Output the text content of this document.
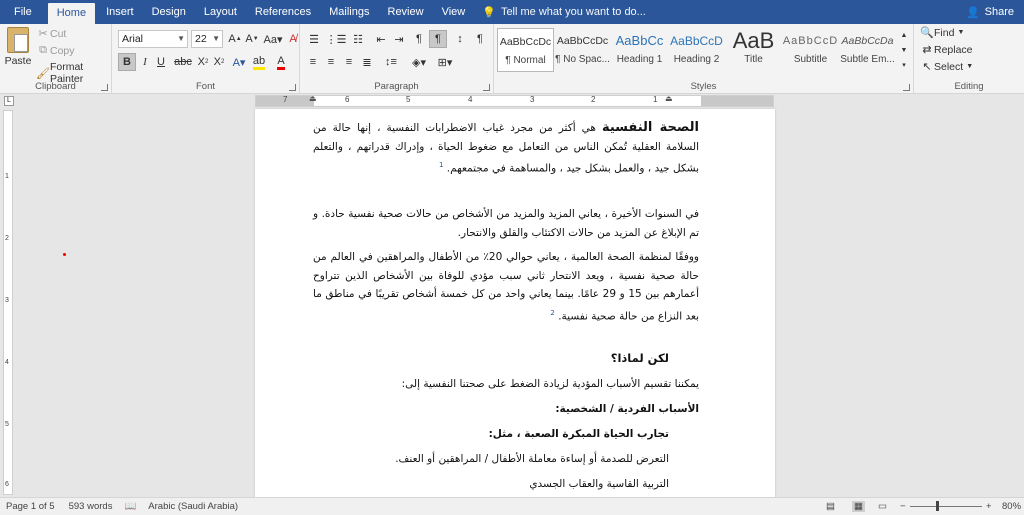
File	Home	Insert	Design	Layout	References	Mailings	Review	View	💡 Tell me what you want to do...	👤 Share
Paste
✂ Cut
⧉ Copy
🖌
Format Painter
Clipboard
Arial	▼ 22 ▼ A ▲ A ▼ Aa▾ A̸
B	I U abc X 2 X 2 A▾ ab A
Font
☰ ⋮☰ ☷	⇤ ⇥	¶	¶	↕	¶
≡	≡	≡ ≣	↕≡	◈▾	⊞▾
Paragraph
AaBbCcDc
¶ Normal
AaBbCcDc
¶ No Spac...
AaBbCc
Heading 1
AaBbCcD
Heading 2
AaB
Title
AaBbCcD
Subtitle
AaBbCcDa
Subtle Em...
▲
▼
▾
Styles
🔍 Find ▼
⇄ Replace
↖ Select ▼
Editing
7	6	5	4	3	2	1 ⏏
⏏
L
1
2
3
4
5
6
الصحة النفسية هي أكثر من مجرد غياب الاضطرابات النفسية ، إنها حالة من السلامة العقلية تُمكن الناس من التعامل مع ضغوط الحياة ، وإدراك قدراتهم ، والتعلم بشكل جيد ، والعمل بشكل جيد ، والمساهمة في مجتمعهم. $^1$
في السنوات الأخيرة ، يعاني المزيد والمزيد من الأشخاص من حالات صحية نفسية حادة. و تم الإبلاغ عن المزيد من حالات الاكتئاب والقلق والانتحار.
ووفقًا لمنظمة الصحة العالمية ، يعاني حوالي 20٪ من الأطفال والمراهقين في العالم من حالة صحية نفسية ، ويعد الانتحار ثاني سبب مؤدي للوفاة بين الأشخاص الذين تتراوح أعمارهم بين 15 و 29 عامًا. بينما يعاني واحد من كل خمسة أشخاص تقريبًا في مناطق ما بعد النزاع من حالة صحية نفسية. $^2$
لكن لماذا؟
يمكننا تقسيم الأسباب المؤدية لزيادة الضغط على صحتنا النفسية إلى:
الأسباب الفردية / الشخصية:
تجارب الحياة المبكرة الصعبة ، مثل:
التعرض للصدمة أو إساءة معاملة الأطفال / المراهقين أو العنف.
التربية القاسية والعقاب الجسدي
Page 1 of 5 593 words 📖 Arabic (Saudi Arabia)	▤ ▦ ▭ −	+ 80%
